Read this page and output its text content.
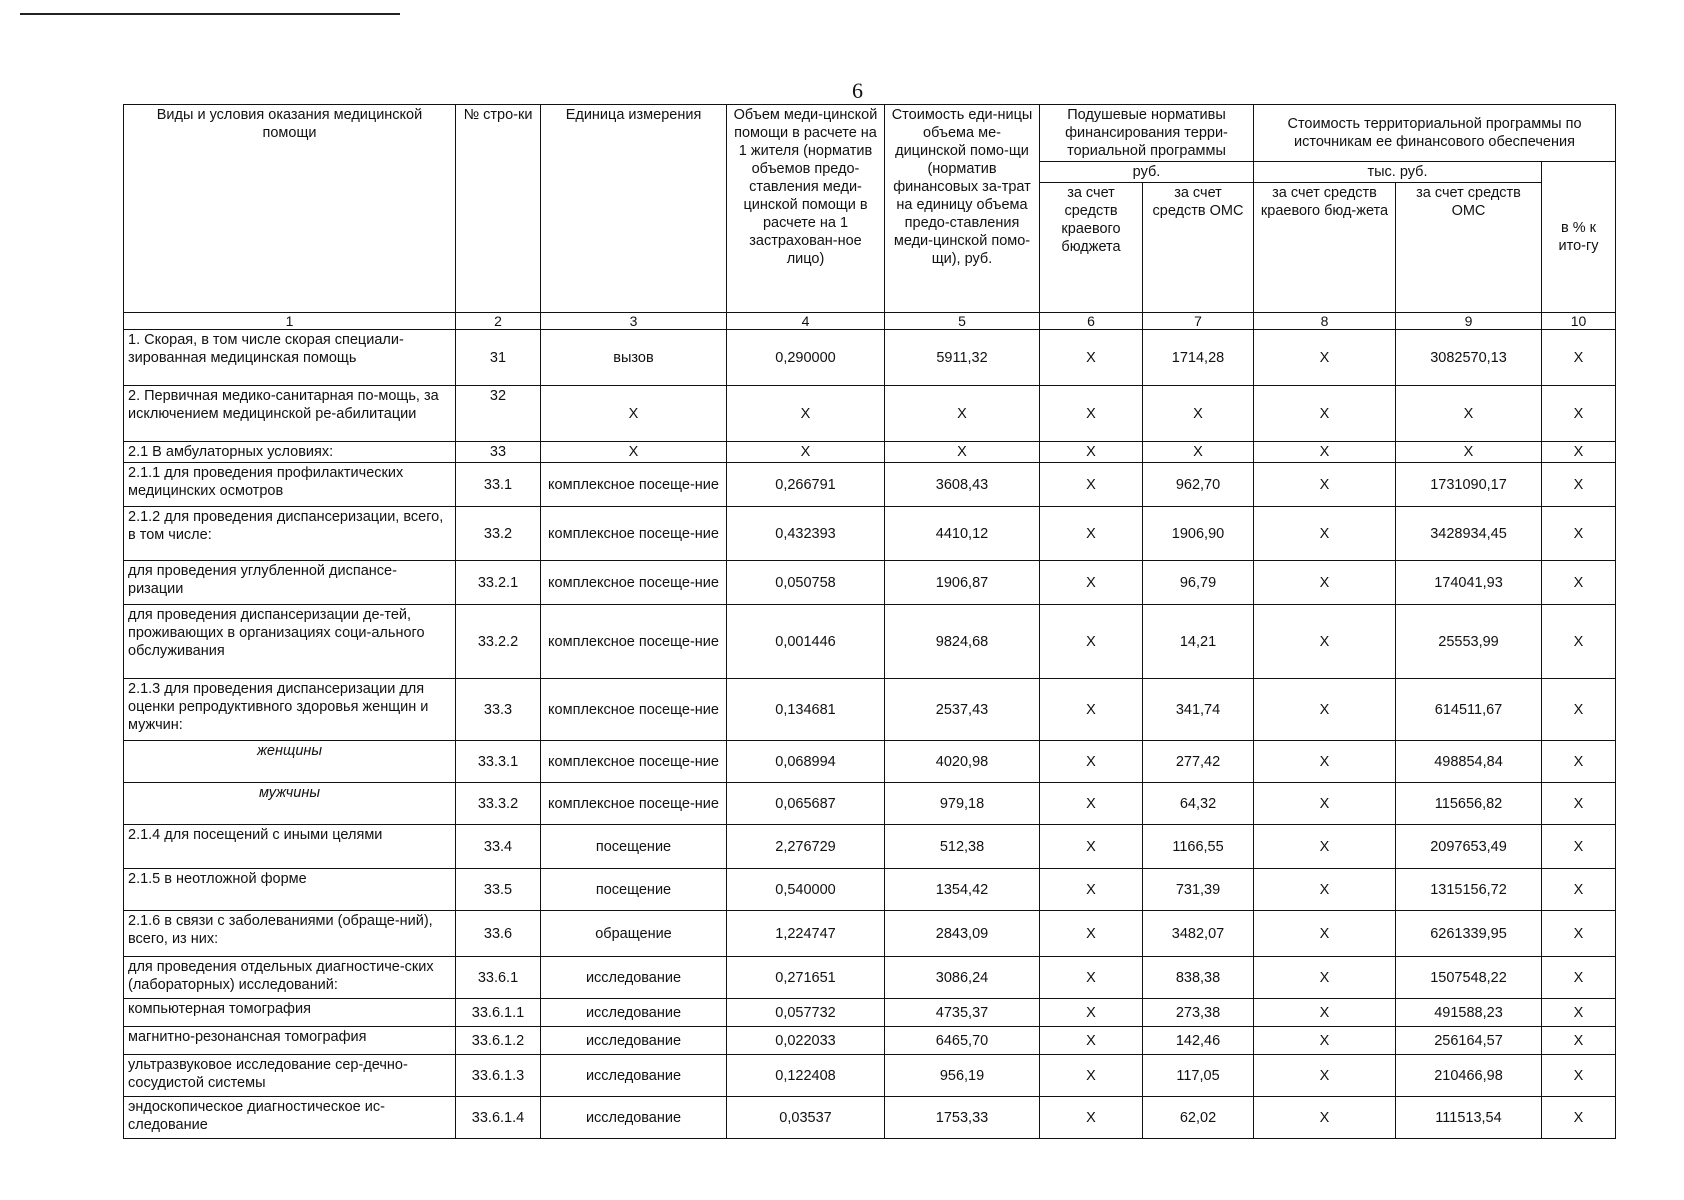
6
Виды и условия оказания медицинской помощи	№ стро-ки	Единица измерения	Объем меди-цинской помощи в расчете на 1 жителя (норматив объемов предо-ставления меди-цинской помощи в расчете на 1 застрахован-ное лицо)	Стоимость еди-ницы объема ме-дицинской помо-щи (норматив финансовых за-трат на единицу объема предо-ставления меди-цинской помо-щи), руб.	Подушевые нормативы финансирования терри-ториальной программы		Стоимость территориальной программы по источникам ее финансового обеспечения		
					руб.		тыс. руб.		в % к ито-гу
					за счет средств краевого бюджета	за счет средств ОМС	за счет средств краевого бюд-жета	за счет средств ОМС	
1	2	3	4	5	6	7	8	9	10
1. Скорая, в том числе скорая специали-зированная медицинская помощь	31	вызов	0,290000	5911,32	X	1714,28	X	3082570,13	X
2. Первичная медико-санитарная по-мощь, за исключением медицинской ре-абилитации	32	X	X	X	X	X	X	X	X
2.1 В амбулаторных условиях:	33	X	X	X	X	X	X	X	X
2.1.1 для проведения профилактических медицинских осмотров	33.1	комплексное посеще-ние	0,266791	3608,43	X	962,70	X	1731090,17	X
2.1.2 для проведения диспансеризации, всего, в том числе:	33.2	комплексное посеще-ние	0,432393	4410,12	X	1906,90	X	3428934,45	X
для проведения углубленной диспансе-ризации	33.2.1	комплексное посеще-ние	0,050758	1906,87	X	96,79	X	174041,93	X
для проведения диспансеризации де-тей, проживающих в организациях соци-ального обслуживания	33.2.2	комплексное посеще-ние	0,001446	9824,68	X	14,21	X	25553,99	X
2.1.3 для проведения диспансеризации для оценки репродуктивного здоровья женщин и мужчин:	33.3	комплексное посеще-ние	0,134681	2537,43	X	341,74	X	614511,67	X
женщины	33.3.1	комплексное посеще-ние	0,068994	4020,98	X	277,42	X	498854,84	X
мужчины	33.3.2	комплексное посеще-ние	0,065687	979,18	X	64,32	X	115656,82	X
2.1.4 для посещений с иными целями	33.4	посещение	2,276729	512,38	X	1166,55	X	2097653,49	X
2.1.5 в неотложной форме	33.5	посещение	0,540000	1354,42	X	731,39	X	1315156,72	X
2.1.6 в связи с заболеваниями (обраще-ний), всего, из них:	33.6	обращение	1,224747	2843,09	X	3482,07	X	6261339,95	X
для проведения отдельных диагностиче-ских (лабораторных) исследований:	33.6.1	исследование	0,271651	3086,24	X	838,38	X	1507548,22	X
компьютерная томография	33.6.1.1	исследование	0,057732	4735,37	X	273,38	X	491588,23	X
магнитно-резонансная томография	33.6.1.2	исследование	0,022033	6465,70	X	142,46	X	256164,57	X
ультразвуковое исследование сер-дечно-сосудистой системы	33.6.1.3	исследование	0,122408	956,19	X	117,05	X	210466,98	X
эндоскопическое диагностическое ис-следование	33.6.1.4	исследование	0,03537	1753,33	X	62,02	X	111513,54	X
